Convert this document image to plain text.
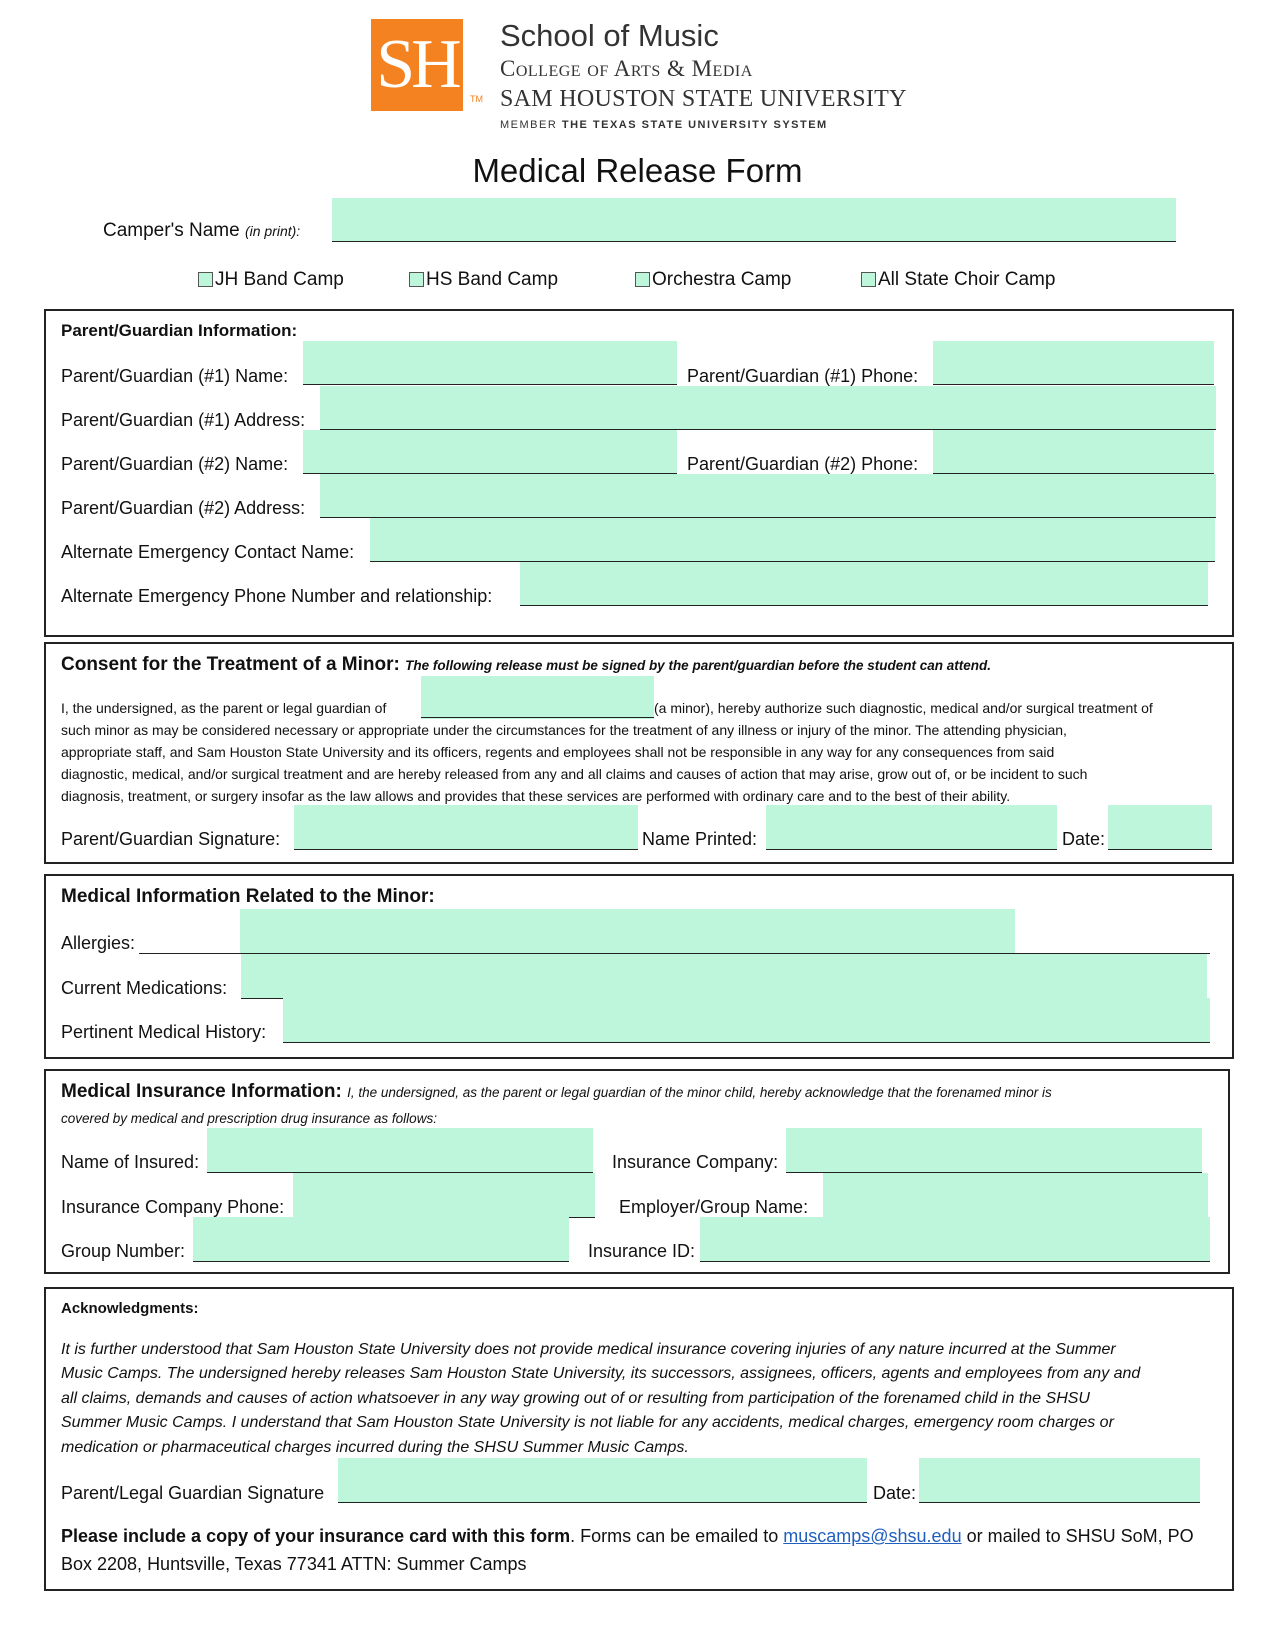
SH	TM
School of Music
College of Arts & Media
SAM HOUSTON STATE UNIVERSITY
MEMBER THE TEXAS STATE UNIVERSITY SYSTEM
Medical Release Form
Camper's Name (in print):
JH Band Camp	HS Band Camp	Orchestra Camp	All State Choir Camp
Parent/Guardian Information:
Parent/Guardian (#1) Name:	Parent/Guardian (#1) Phone:
Parent/Guardian (#1) Address:
Parent/Guardian (#2) Name:	Parent/Guardian (#2) Phone:
Parent/Guardian (#2) Address:
Alternate Emergency Contact Name:
Alternate Emergency Phone Number and relationship:
Consent for the Treatment of a Minor: The following release must be signed by the parent/guardian before the student can attend.
I, the undersigned, as the parent or legal guardian of	(a minor), hereby authorize such diagnostic, medical and/or surgical treatment of
such minor as may be considered necessary or appropriate under the circumstances for the treatment of any illness or injury of the minor. The attending physician,
appropriate staff, and Sam Houston State University and its officers, regents and employees shall not be responsible in any way for any consequences from said
diagnostic, medical, and/or surgical treatment and are hereby released from any and all claims and causes of action that may arise, grow out of, or be incident to such
diagnosis, treatment, or surgery insofar as the law allows and provides that these services are performed with ordinary care and to the best of their ability.
Parent/Guardian Signature:	Name Printed:	Date:
Medical Information Related to the Minor:
Allergies:
Current Medications:
Pertinent Medical History:
Medical Insurance Information: I, the undersigned, as the parent or legal guardian of the minor child, hereby acknowledge that the forenamed minor is
covered by medical and prescription drug insurance as follows:
Name of Insured:	Insurance Company:
Insurance Company Phone:	Employer/Group Name:
Group Number:	Insurance ID:
Acknowledgments:
It is further understood that Sam Houston State University does not provide medical insurance covering injuries of any nature incurred at the Summer
Music Camps. The undersigned hereby releases Sam Houston State University, its successors, assignees, officers, agents and employees from any and
all claims, demands and causes of action whatsoever in any way growing out of or resulting from participation of the forenamed child in the SHSU
Summer Music Camps. I understand that Sam Houston State University is not liable for any accidents, medical charges, emergency room charges or
medication or pharmaceutical charges incurred during the SHSU Summer Music Camps.
Parent/Legal Guardian Signature	Date:
Please include a copy of your insurance card with this form. Forms can be emailed to muscamps@shsu.edu or mailed to SHSU SoM, PO
Box 2208, Huntsville, Texas 77341 ATTN: Summer Camps
